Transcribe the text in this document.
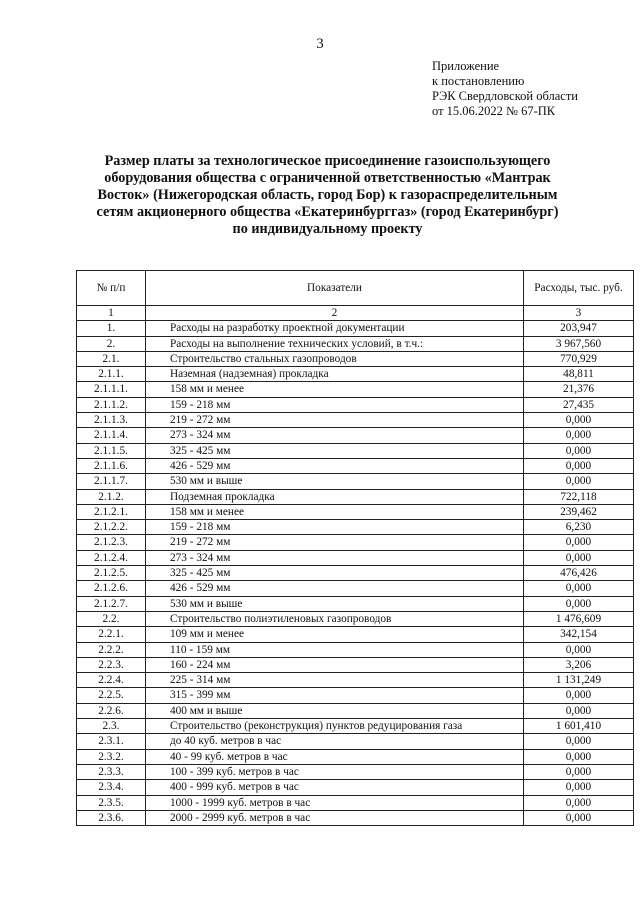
3
Приложение
к постановлению
РЭК Свердловской области
от 15.06.2022 № 67-ПК
Размер платы за технологическое присоединение газоиспользующего оборудования общества с ограниченной ответственностью «Мантрак Восток» (Нижегородская область, город Бор) к газораспределительным сетям акционерного общества «Екатеринбурггаз» (город Екатеринбург) по индивидуальному проекту
№ п/п	Показатели	Расходы, тыс. руб.
1	2	3
1.	Расходы на разработку проектной документации	203,947
2.	Расходы на выполнение технических условий, в т.ч.:	3 967,560
2.1.	Строительство стальных газопроводов	770,929
2.1.1.	Наземная (надземная) прокладка	48,811
2.1.1.1.	158 мм и менее	21,376
2.1.1.2.	159 - 218 мм	27,435
2.1.1.3.	219 - 272 мм	0,000
2.1.1.4.	273 - 324 мм	0,000
2.1.1.5.	325 - 425 мм	0,000
2.1.1.6.	426 - 529 мм	0,000
2.1.1.7.	530 мм и выше	0,000
2.1.2.	Подземная прокладка	722,118
2.1.2.1.	158 мм и менее	239,462
2.1.2.2.	159 - 218 мм	6,230
2.1.2.3.	219 - 272 мм	0,000
2.1.2.4.	273 - 324 мм	0,000
2.1.2.5.	325 - 425 мм	476,426
2.1.2.6.	426 - 529 мм	0,000
2.1.2.7.	530 мм и выше	0,000
2.2.	Строительство полиэтиленовых газопроводов	1 476,609
2.2.1.	109 мм и менее	342,154
2.2.2.	110 - 159 мм	0,000
2.2.3.	160 - 224 мм	3,206
2.2.4.	225 - 314 мм	1 131,249
2.2.5.	315 - 399 мм	0,000
2.2.6.	400 мм и выше	0,000
2.3.	Строительство (реконструкция) пунктов редуцирования газа	1 601,410
2.3.1.	до 40 куб. метров в час	0,000
2.3.2.	40 - 99 куб. метров в час	0,000
2.3.3.	100 - 399 куб. метров в час	0,000
2.3.4.	400 - 999 куб. метров в час	0,000
2.3.5.	1000 - 1999 куб. метров в час	0,000
2.3.6.	2000 - 2999 куб. метров в час	0,000
